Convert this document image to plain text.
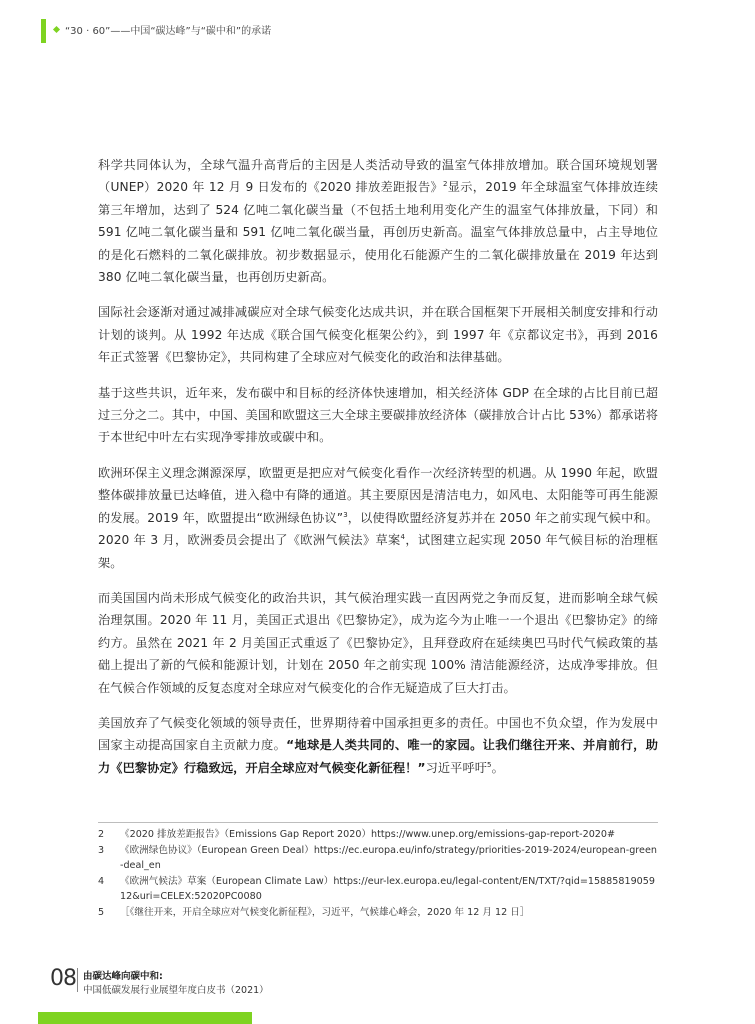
“30 · 60”——中国“碳达峰”与“碳中和”的承诺

科学共同体认为，全球气温升高背后的主因是人类活动导致的温室气体排放增加。联合国环境规划署（UNEP）2020 年 12 月 9 日发布的《2020 排放差距报告》$^2$显示，2019 年全球温室气体排放连续第三年增加，达到了 524 亿吨二氧化碳当量（不包括土地利用变化产生的温室气体排放量，下同）和 591 亿吨二氧化碳当量和 591 亿吨二氧化碳当量，再创历史新高。温室气体排放总量中，占主导地位的是化石燃料的二氧化碳排放。初步数据显示，使用化石能源产生的二氧化碳排放量在 2019 年达到 380 亿吨二氧化碳当量，也再创历史新高。

国际社会逐渐对通过减排减碳应对全球气候变化达成共识，并在联合国框架下开展相关制度安排和行动计划的谈判。从 1992 年达成《联合国气候变化框架公约》，到 1997 年《京都议定书》，再到 2016 年正式签署《巴黎协定》，共同构建了全球应对气候变化的政治和法律基础。

基于这些共识，近年来，发布碳中和目标的经济体快速增加，相关经济体 GDP 在全球的占比目前已超过三分之二。其中，中国、美国和欧盟这三大全球主要碳排放经济体（碳排放合计占比 53%）都承诺将于本世纪中叶左右实现净零排放或碳中和。

欧洲环保主义理念渊源深厚，欧盟更是把应对气候变化看作一次经济转型的机遇。从 1990 年起，欧盟整体碳排放量已达峰值，进入稳中有降的通道。其主要原因是清洁电力，如风电、太阳能等可再生能源的发展。2019 年，欧盟提出“欧洲绿色协议”$^3$，以使得欧盟经济复苏并在 2050 年之前实现气候中和。2020 年 3 月，欧洲委员会提出了《欧洲气候法》草案$^4$，试图建立起实现 2050 年气候目标的治理框架。

而美国国内尚未形成气候变化的政治共识，其气候治理实践一直因两党之争而反复，进而影响全球气候治理氛围。2020 年 11 月，美国正式退出《巴黎协定》，成为迄今为止唯一一个退出《巴黎协定》的缔约方。虽然在 2021 年 2 月美国正式重返了《巴黎协定》，且拜登政府在延续奥巴马时代气候政策的基础上提出了新的气候和能源计划，计划在 2050 年之前实现 100% 清洁能源经济，达成净零排放。但在气候合作领域的反复态度对全球应对气候变化的合作无疑造成了巨大打击。

美国放弃了气候变化领域的领导责任，世界期待着中国承担更多的责任。中国也不负众望，作为发展中国家主动提高国家自主贡献力度。“地球是人类共同的、唯一的家园。让我们继往开来、并肩前行，助力《巴黎协定》行稳致远，开启全球应对气候变化新征程！”习近平呼吁$^5$。

2	《2020 排放差距报告》（Emissions Gap Report 2020）https://www.unep.org/emissions-gap-report-2020#

3	《欧洲绿色协议》（European Green Deal）https://ec.europa.eu/info/strategy/priorities-2019-2024/european-green-deal_en

4	《欧洲气候法》草案（European Climate Law）https://eur-lex.europa.eu/legal-content/EN/TXT/?qid=1588581905912&uri=CELEX:52020PC0080

5	［《继往开来，开启全球应对气候变化新征程》，习近平，气候雄心峰会，2020 年 12 月 12 日］

08 由碳达峰向碳中和:
中国低碳发展行业展望年度白皮书（2021）
